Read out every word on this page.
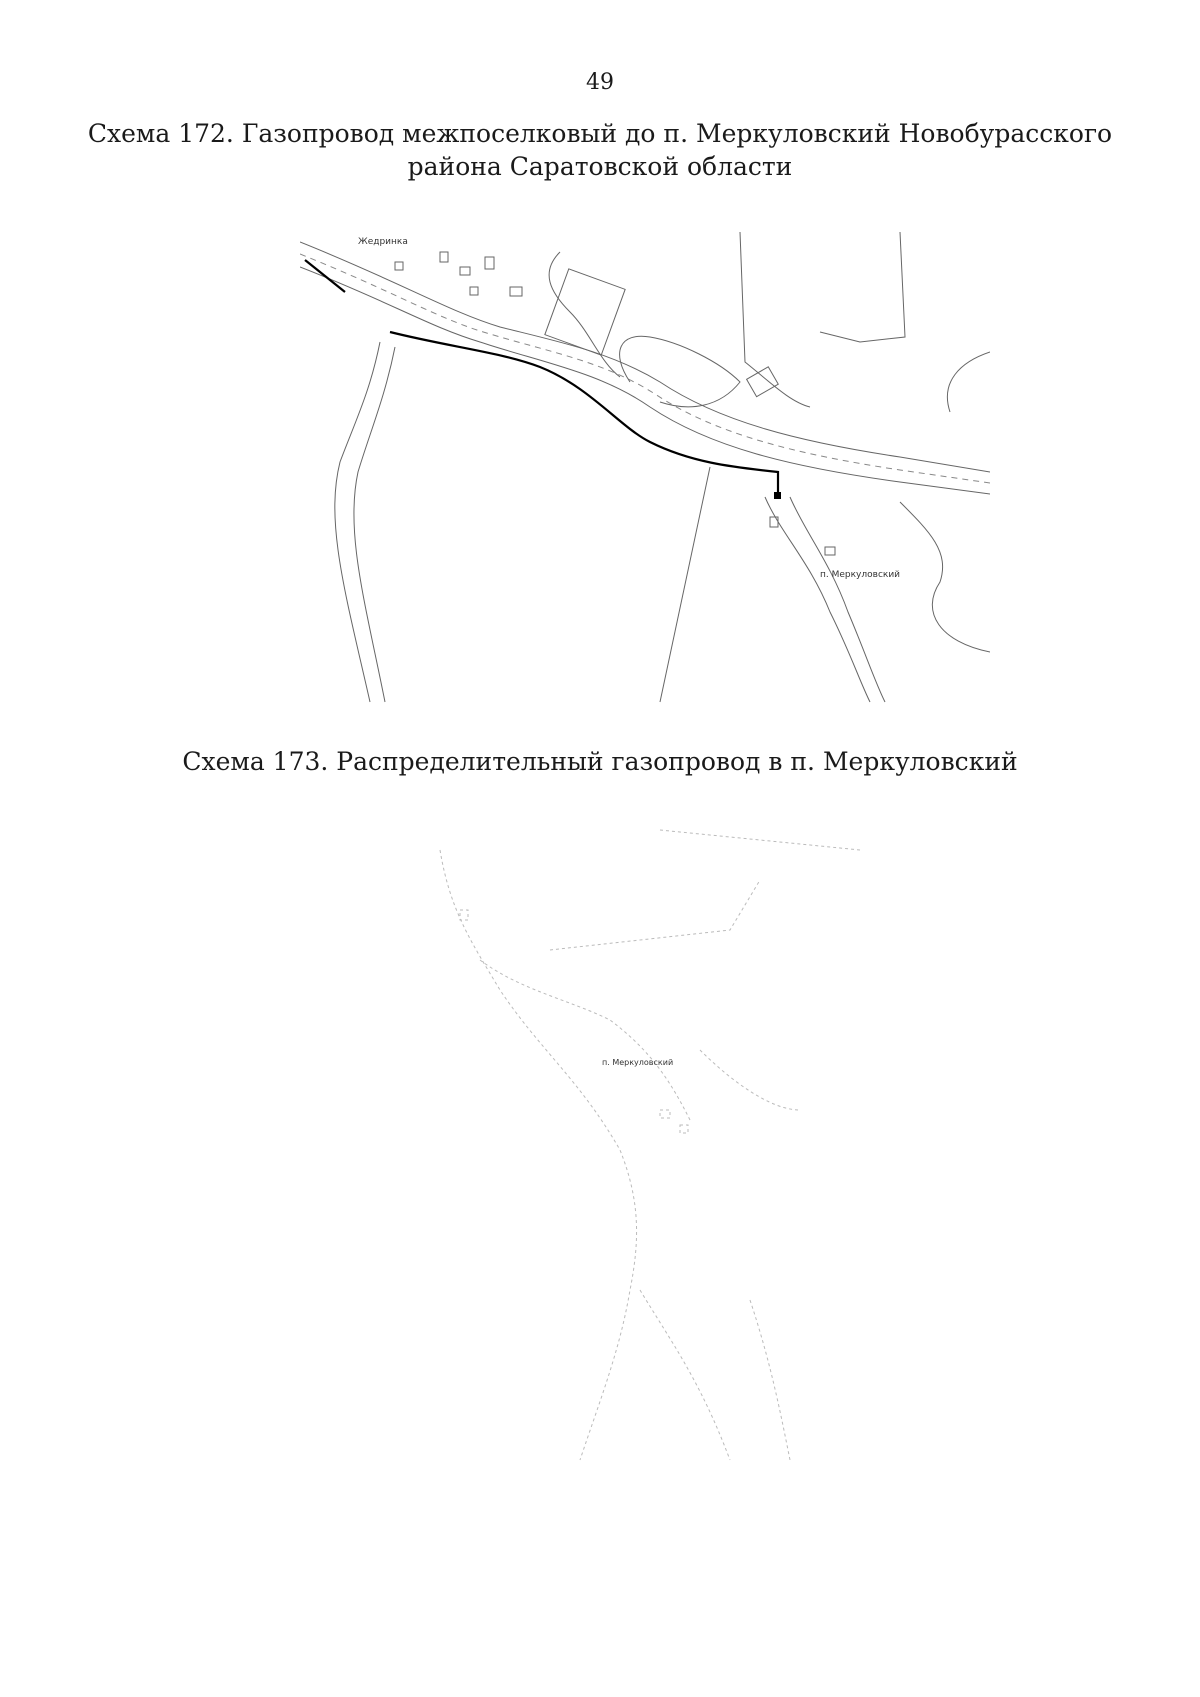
49
Схема 172. Газопровод межпоселковый до п. Меркуловский Новобурасского
района Саратовской области
Жедринка
п. Меркуловский
Схема 173. Распределительный газопровод в п. Меркуловский
п. Меркуловский
